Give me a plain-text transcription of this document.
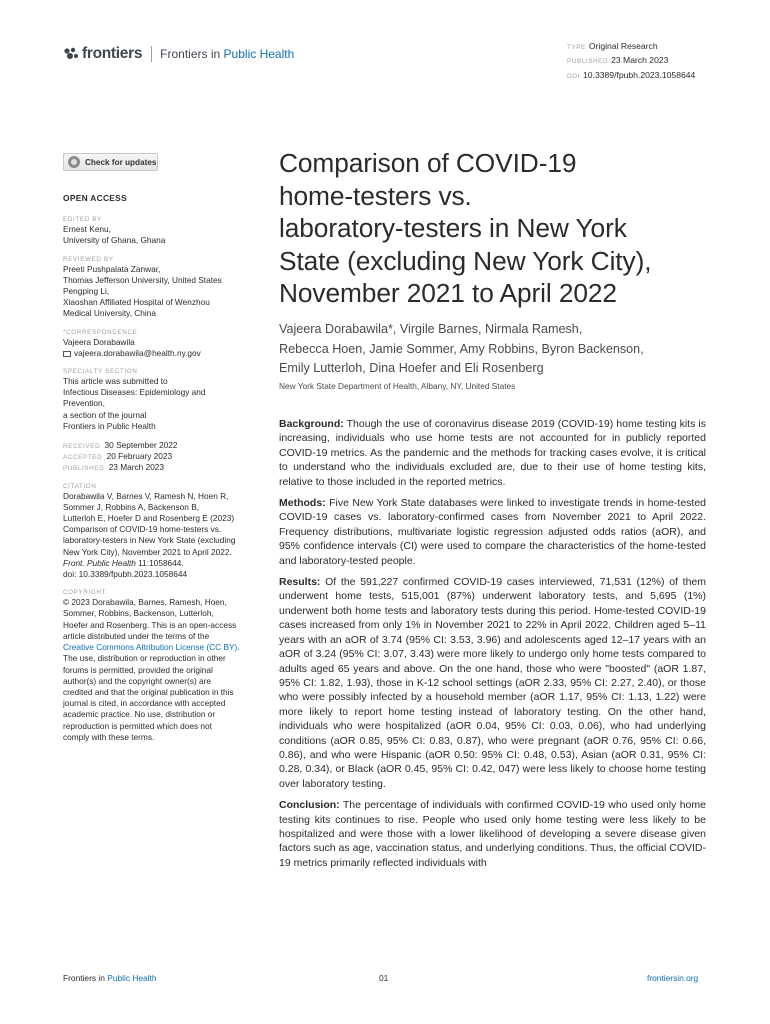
frontiers Frontiers in Public Health	TYPE Original Research
PUBLISHED 23 March 2023
DOI 10.3389/fpubh.2023.1058644
Check for updates
OPEN ACCESS
EDITED BY
Ernest Kenu,
University of Ghana, Ghana
REVIEWED BY
Preeti Pushpalata Zanwar,
Thomas Jefferson University, United States
Pengping Li,
Xiaoshan Affiliated Hospital of Wenzhou
Medical University, China
*CORRESPONDENCE
Vajeera Dorabawila
vajeera.dorabawila@health.ny.gov
SPECIALTY SECTION
This article was submitted to
Infectious Diseases: Epidemiology and
Prevention,
a section of the journal
Frontiers in Public Health
RECEIVED 30 September 2022
ACCEPTED 20 February 2023
PUBLISHED 23 March 2023
CITATION
Dorabawila V, Barnes V, Ramesh N, Hoen R,
Sommer J, Robbins A, Backenson B,
Lutterloh E, Hoefer D and Rosenberg E (2023)
Comparison of COVID-19 home-testers vs.
laboratory-testers in New York State (excluding
New York City), November 2021 to April 2022.
Front. Public Health 11:1058644.
doi: 10.3389/fpubh.2023.1058644
COPYRIGHT
© 2023 Dorabawila, Barnes, Ramesh, Hoen,
Sommer, Robbins, Backenson, Lutterloh,
Hoefer and Rosenberg. This is an open-access
article distributed under the terms of the
Creative Commons Attribution License (CC BY).
The use, distribution or reproduction in other
forums is permitted, provided the original
author(s) and the copyright owner(s) are
credited and that the original publication in this
journal is cited, in accordance with accepted
academic practice. No use, distribution or
reproduction is permitted which does not
comply with these terms.
Comparison of COVID-19
home-testers vs.
laboratory-testers in New York
State (excluding New York City),
November 2021 to April 2022
Vajeera Dorabawila*, Virgile Barnes, Nirmala Ramesh,
Rebecca Hoen, Jamie Sommer, Amy Robbins, Byron Backenson,
Emily Lutterloh, Dina Hoefer and Eli Rosenberg
New York State Department of Health, Albany, NY, United States

Background: Though the use of coronavirus disease 2019 (COVID-19) home testing kits is increasing, individuals who use home tests are not accounted for in publicly reported COVID-19 metrics. As the pandemic and the methods for tracking cases evolve, it is critical to understand who the individuals excluded are, due to their use of home testing kits, relative to those included in the reported metrics.

Methods: Five New York State databases were linked to investigate trends in home-tested COVID-19 cases vs. laboratory-confirmed cases from November 2021 to April 2022. Frequency distributions, multivariate logistic regression adjusted odds ratios (aOR), and 95% confidence intervals (CI) were used to compare the characteristics of the home-tested and laboratory-tested people.

Results: Of the 591,227 confirmed COVID-19 cases interviewed, 71,531 (12%) of them underwent home tests, 515,001 (87%) underwent laboratory tests, and 5,695 (1%) underwent both home tests and laboratory tests during this period. Home-tested COVID-19 cases increased from only 1% in November 2021 to 22% in April 2022. Children aged 5–11 years with an aOR of 3.74 (95% CI: 3.53, 3.96) and adolescents aged 12–17 years with an aOR of 3.24 (95% CI: 3.07, 3.43) were more likely to undergo only home tests compared to adults aged 65 years and above. On the one hand, those who were "boosted" (aOR 1.87, 95% CI: 1.82, 1.93), those in K-12 school settings (aOR 2.33, 95% CI: 2.27, 2.40), or those who were possibly infected by a household member (aOR 1.17, 95% CI: 1.13, 1.22) were more likely to report home testing instead of laboratory testing. On the other hand, individuals who were hospitalized (aOR 0.04, 95% CI: 0.03, 0.06), who had underlying conditions (aOR 0.85, 95% CI: 0.83, 0.87), who were pregnant (aOR 0.76, 95% CI: 0.66, 0.86), and who were Hispanic (aOR 0.50: 95% CI: 0.48, 0.53), Asian (aOR 0.31, 95% CI: 0.28, 0.34), or Black (aOR 0.45, 95% CI: 0.42, 047) were less likely to choose home testing over laboratory testing.

Conclusion: The percentage of individuals with confirmed COVID-19 who used only home testing kits continues to rise. People who used only home testing were less likely to be hospitalized and were those with a lower likelihood of developing a severe disease given factors such as age, vaccination status, and underlying conditions. Thus, the official COVID-19 metrics primarily reflected individuals with

Frontiers in Public Health	01	frontiersin.org
